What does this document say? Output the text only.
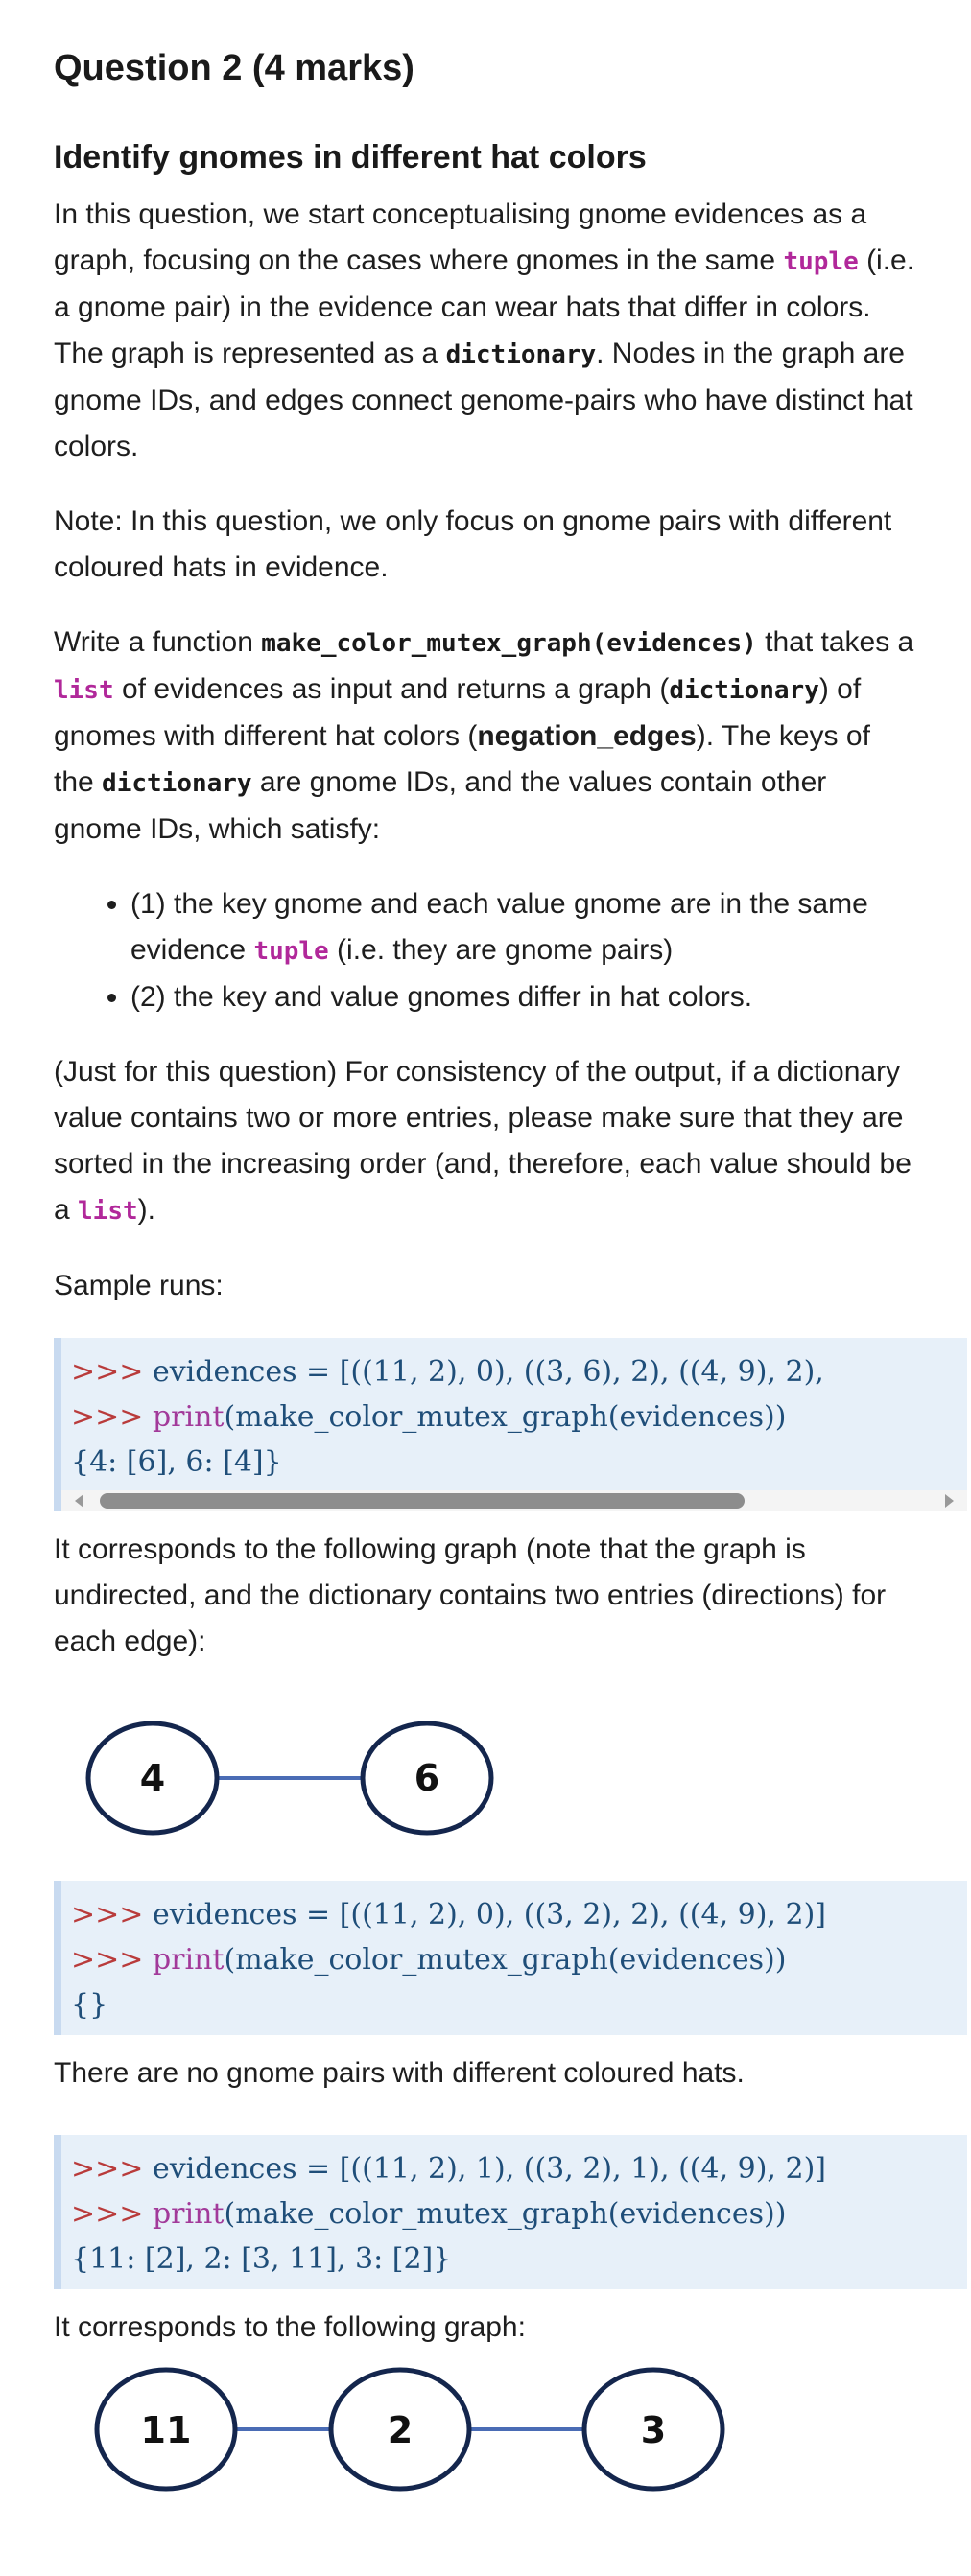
Question 2 (4 marks)
Identify gnomes in different hat colors

In this question, we start conceptualising gnome evidences as a graph, focusing on the cases where gnomes in the same tuple (i.e. a gnome pair) in the evidence can wear hats that differ in colors. The graph is represented as a dictionary. Nodes in the graph are gnome IDs, and edges connect genome-pairs who have distinct hat colors.

Note: In this question, we only focus on gnome pairs with different coloured hats in evidence.

Write a function make_color_mutex_graph(evidences) that takes a list of evidences as input and returns a graph (dictionary) of gnomes with different hat colors (negation_edges). The keys of the dictionary are gnome IDs, and the values contain other gnome IDs, which satisfy:

• (1) the key gnome and each value gnome are in the same evidence tuple (i.e. they are gnome pairs)
• (2) the key and value gnomes differ in hat colors.

(Just for this question) For consistency of the output, if a dictionary value contains two or more entries, please make sure that they are sorted in the increasing order (and, therefore, each value should be a list).

Sample runs:

>>> evidences = [((11, 2), 0), ((3, 6), 2), ((4, 9), 2),
>>> print(make_color_mutex_graph(evidences))
{4: [6], 6: [4]}

It corresponds to the following graph (note that the graph is undirected, and the dictionary contains two entries (directions) for each edge):

4	6
>>> evidences = [((11, 2), 0), ((3, 2), 2), ((4, 9), 2)]
>>> print(make_color_mutex_graph(evidences))
{}

There are no gnome pairs with different coloured hats.

>>> evidences = [((11, 2), 1), ((3, 2), 1), ((4, 9), 2)]
>>> print(make_color_mutex_graph(evidences))
{11: [2], 2: [3, 11], 3: [2]}

It corresponds to the following graph:

11	2	3
